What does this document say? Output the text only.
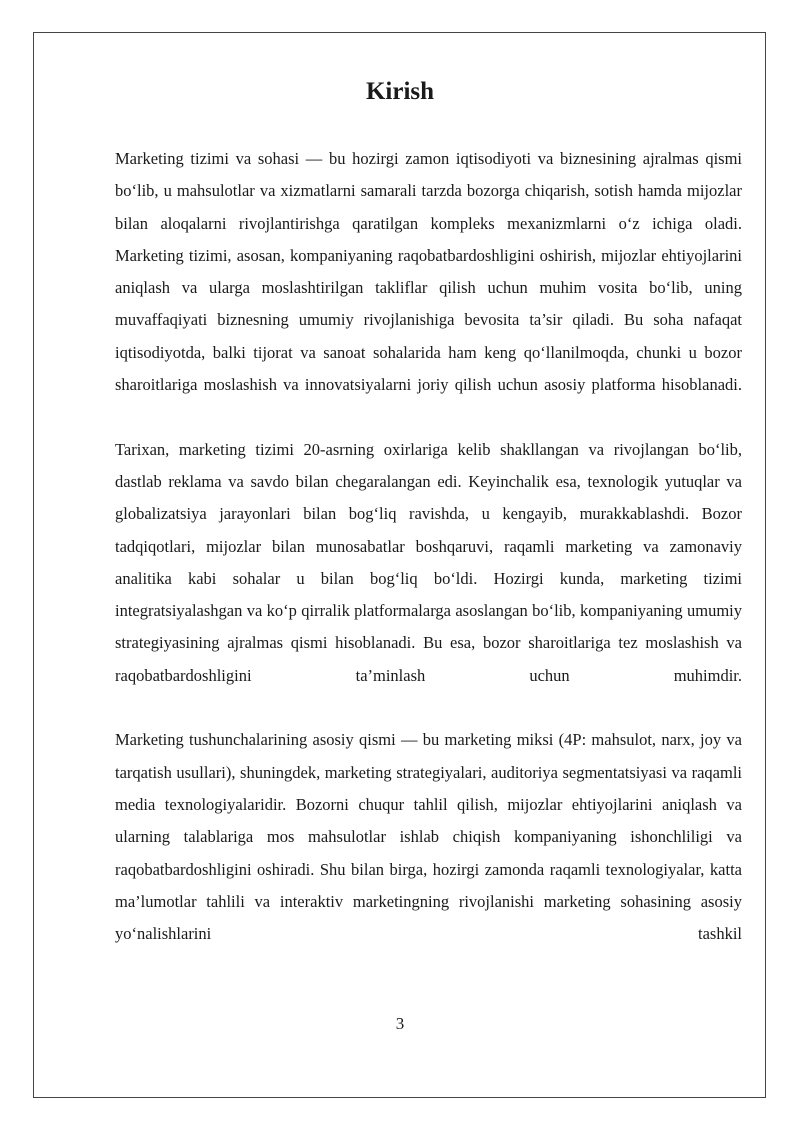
Kirish

Marketing tizimi va sohasi — bu hozirgi zamon iqtisodiyoti va biznesining ajralmas qismi bo‘lib, u mahsulotlar va xizmatlarni samarali tarzda bozorga chiqarish, sotish hamda mijozlar bilan aloqalarni rivojlantirishga qaratilgan kompleks mexanizmlarni o‘z ichiga oladi. Marketing tizimi, asosan, kompaniyaning raqobatbardoshligini oshirish, mijozlar ehtiyojlarini aniqlash va ularga moslashtirilgan takliflar qilish uchun muhim vosita bo‘lib, uning muvaffaqiyati biznesning umumiy rivojlanishiga bevosita ta’sir qiladi. Bu soha nafaqat iqtisodiyotda, balki tijorat va sanoat sohalarida ham keng qo‘llanilmoqda, chunki u bozor sharoitlariga moslashish va innovatsiyalarni joriy qilish uchun asosiy platforma hisoblanadi.

Tarixan, marketing tizimi 20-asrning oxirlariga kelib shakllangan va rivojlangan bo‘lib, dastlab reklama va savdo bilan chegaralangan edi. Keyinchalik esa, texnologik yutuqlar va globalizatsiya jarayonlari bilan bog‘liq ravishda, u kengayib, murakkablashdi. Bozor tadqiqotlari, mijozlar bilan munosabatlar boshqaruvi, raqamli marketing va zamonaviy analitika kabi sohalar u bilan bog‘liq bo‘ldi. Hozirgi kunda, marketing tizimi integratsiyalashgan va ko‘p qirralik platformalarga asoslangan bo‘lib, kompaniyaning umumiy strategiyasining ajralmas qismi hisoblanadi. Bu esa, bozor sharoitlariga tez moslashish va raqobatbardoshligini ta’minlash uchun muhimdir.

Marketing tushunchalarining asosiy qismi — bu marketing miksi (4P: mahsulot, narx, joy va tarqatish usullari), shuningdek, marketing strategiyalari, auditoriya segmentatsiyasi va raqamli media texnologiyalaridir. Bozorni chuqur tahlil qilish, mijozlar ehtiyojlarini aniqlash va ularning talablariga mos mahsulotlar ishlab chiqish kompaniyaning ishonchliligi va raqobatbardoshligini oshiradi. Shu bilan birga, hozirgi zamonda raqamli texnologiyalar, katta ma’lumotlar tahlili va interaktiv marketingning rivojlanishi marketing sohasining asosiy yo‘nalishlarini tashkil

3
